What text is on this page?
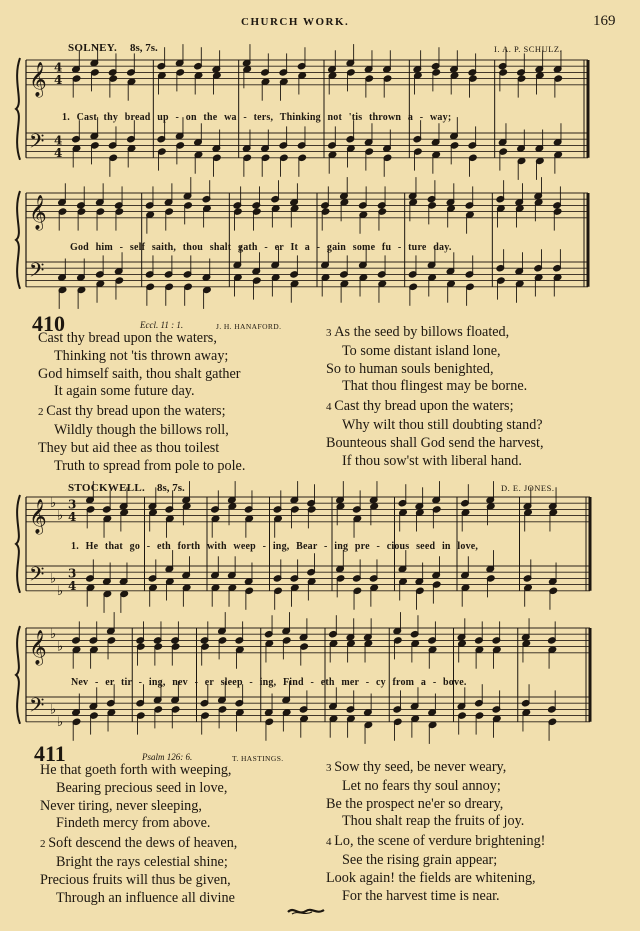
CHURCH WORK.	169
SOLNEY. 8s, 7s.	I. A. P. SCHULZ.
𝄞
𝄢
4
4
4
4
𝄞
𝄢
𝄞
𝄢
♭
♭
♭
♭
3
4
3
4
𝄞
𝄢
♭
♭
♭
♭
1. Cast thy bread up - on the wa - ters, Thinking not 'tis thrown a - way;
God him - self saith, thou shalt gath - er It a - gain some fu - ture day.
1. He that go - eth forth with weep - ing, Bear - ing pre - cious seed in love,
Nev - er tir - ing, nev - er sleep - ing, Find - eth mer - cy from a - bove.
410	Eccl. 11 : 1.	J. H. HANAFORD.
Cast thy bread upon the waters,
Thinking not 'tis thrown away;
God himself saith, thou shalt gather
It again some future day.
2 Cast thy bread upon the waters;
Wildly though the billows roll,
They but aid thee as thou toilest
Truth to spread from pole to pole.
3 As the seed by billows floated,
To some distant island lone,
So to human souls benighted,
That thou flingest may be borne.
4 Cast thy bread upon the waters;
Why wilt thou still doubting stand?
Bounteous shall God send the harvest,
If thou sow'st with liberal hand.
STOCKWELL. 8s, 7s.	D. E. JONES.
411	Psalm 126: 6.	T. HASTINGS.
He that goeth forth with weeping,
Bearing precious seed in love,
Never tiring, never sleeping,
Findeth mercy from above.
2 Soft descend the dews of heaven,
Bright the rays celestial shine;
Precious fruits will thus be given,
Through an influence all divine
3 Sow thy seed, be never weary,
Let no fears thy soul annoy;
Be the prospect ne'er so dreary,
Thou shalt reap the fruits of joy.
4 Lo, the scene of verdure brightening!
See the rising grain appear;
Look again! the fields are whitening,
For the harvest time is near.
